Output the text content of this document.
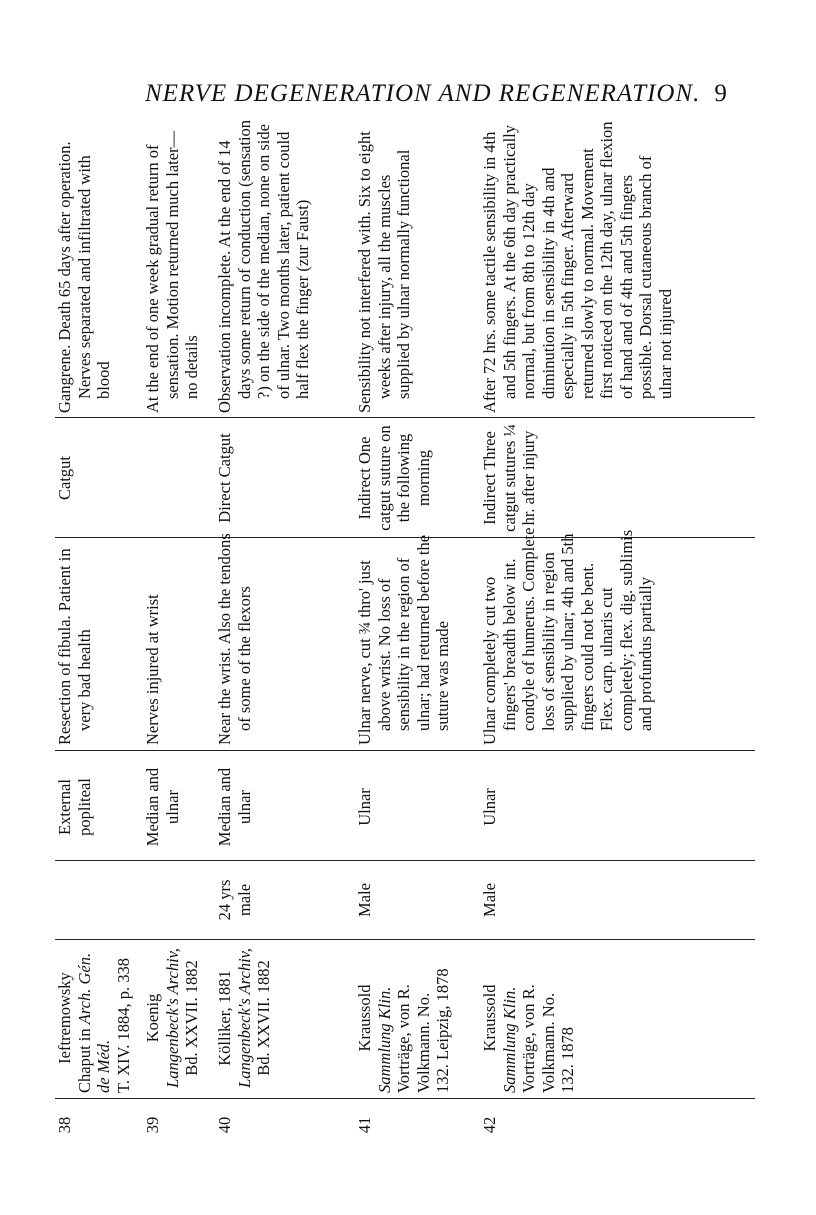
NERVE DEGENERATION AND REGENERATION. 9
38
Ieftremowsky Chaput in Arch. Gén. de Méd. T. XIV. 1884, p. 338
External popliteal
Resection of fibula. Patient in very bad health
Catgut
Gangrene. Death 65 days after operation. Nerves separated and infiltrated with blood
39
Koenig Langenbeck's Archiv, Bd. XXVII. 1882
Median and ulnar
Nerves injured at wrist
At the end of one week gradual return of sensation. Motion returned much later—no details
40
Kölliker, 1881 Langenbeck's Archiv, Bd. XXVII. 1882
24 yrs male
Median and ulnar
Near the wrist. Also the tendons of some of the flexors
Direct Catgut
Observation incomplete. At the end of 14 days some return of conduction (sensation ?) on the side of the median, none on side of ulnar. Two months later, patient could half flex the finger (zur Faust)
41
Kraussold Sammlung Klin. Vorträge, von R. Volkmann. No. 132. Leipzig, 1878
Male
Ulnar
Ulnar nerve, cut ¾ thro' just above wrist. No loss of sensibility in the region of ulnar; had returned before the suture was made
Indirect One catgut suture on the following morning
Sensibility not interfered with. Six to eight weeks after injury, all the muscles supplied by ulnar normally functional
42
Kraussold Sammlung Klin. Vorträge, von R. Volkmann. No. 132. 1878
Male
Ulnar
Ulnar completely cut two fingers' breadth below int. condyle of humerus. Complete loss of sensibility in region supplied by ulnar; 4th and 5th fingers could not be bent. Flex. carp. ulnaris cut completely; flex. dig. sublimis and profundus partially
Indirect Three catgut sutures ¼ hr. after injury
After 72 hrs. some tactile sensibility in 4th and 5th fingers. At the 6th day practically normal, but from 8th to 12th day diminution in sensibility in 4th and especially in 5th finger. Afterward returned slowly to normal. Movement first noticed on the 12th day, ulnar flexion of hand and of 4th and 5th fingers possible. Dorsal cutaneous branch of ulnar not injured
